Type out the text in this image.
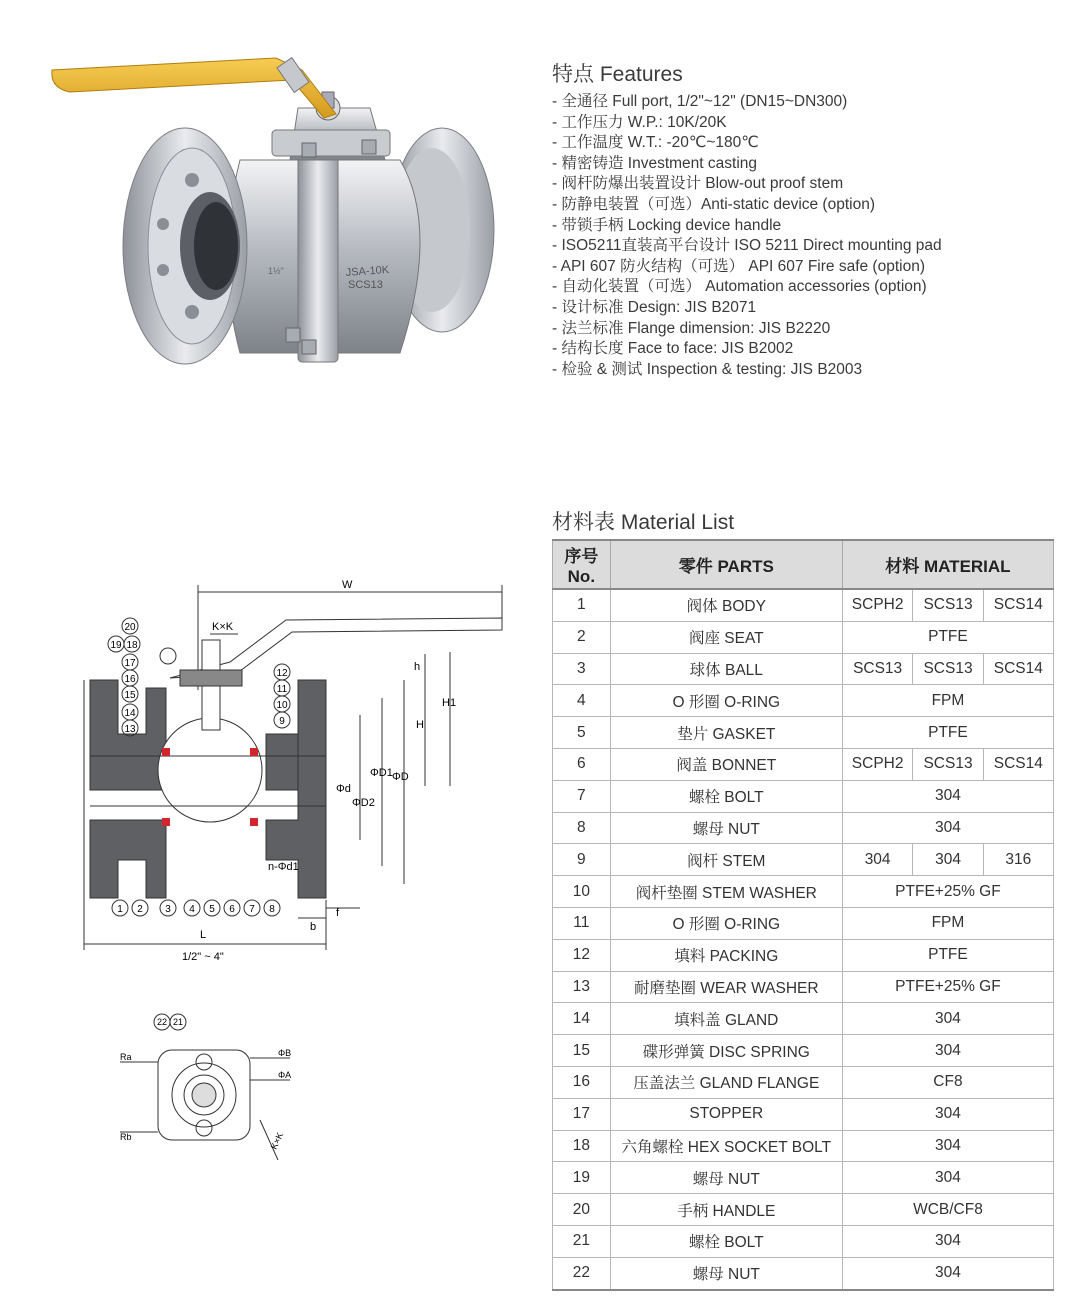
JSA-10K
SCS13
1½"
特点 Features
- 全通径 Full port, 1/2"~12" (DN15~DN300)
- 工作压力 W.P.: 10K/20K
- 工作温度 W.T.: -20℃~180℃
- 精密铸造 Investment casting
- 阀杆防爆出装置设计 Blow-out proof stem
- 防静电装置（可选）Anti-static device (option)
- 带锁手柄 Locking device handle
- ISO5211直装高平台设计 ISO 5211 Direct mounting pad
- API 607 防火结构（可选） API 607 Fire safe (option)
- 自动化装置（可选） Automation accessories (option)
- 设计标准 Design: JIS B2071
- 法兰标准 Flange dimension: JIS B2220
- 结构长度 Face to face: JIS B2002
- 检验 & 测试 Inspection & testing: JIS B2003
W
K×K
h
H
H1
Φd
ΦD1
ΦD2
ΦD
n-Φd1
f
b
L
1/2" ~ 4"
20
19 18
17
16
15
14
13
12
11
10
9
1 2 3 4 5 6 7 8
22 21
Ra
Rb
ΦB
ΦA
K×K
材料表 Material List
序号No.	零件 PARTS	材料 MATERIAL		
1	阀体 BODY	SCPH2	SCS13	SCS14
2	阀座 SEAT	PTFE		
3	球体 BALL	SCS13	SCS13	SCS14
4	O 形圈 O-RING	FPM		
5	垫片 GASKET	PTFE		
6	阀盖 BONNET	SCPH2	SCS13	SCS14
7	螺栓 BOLT	304		
8	螺母 NUT	304		
9	阀杆 STEM	304	304	316
10	阀杆垫圈 STEM WASHER	PTFE+25% GF		
11	O 形圈 O-RING	FPM		
12	填料 PACKING	PTFE		
13	耐磨垫圈 WEAR WASHER	PTFE+25% GF		
14	填料盖 GLAND	304		
15	碟形弹簧 DISC SPRING	304		
16	压盖法兰 GLAND FLANGE	CF8		
17	STOPPER	304		
18	六角螺栓 HEX SOCKET BOLT	304		
19	螺母 NUT	304		
20	手柄 HANDLE	WCB/CF8		
21	螺栓 BOLT	304		
22	螺母 NUT	304		
